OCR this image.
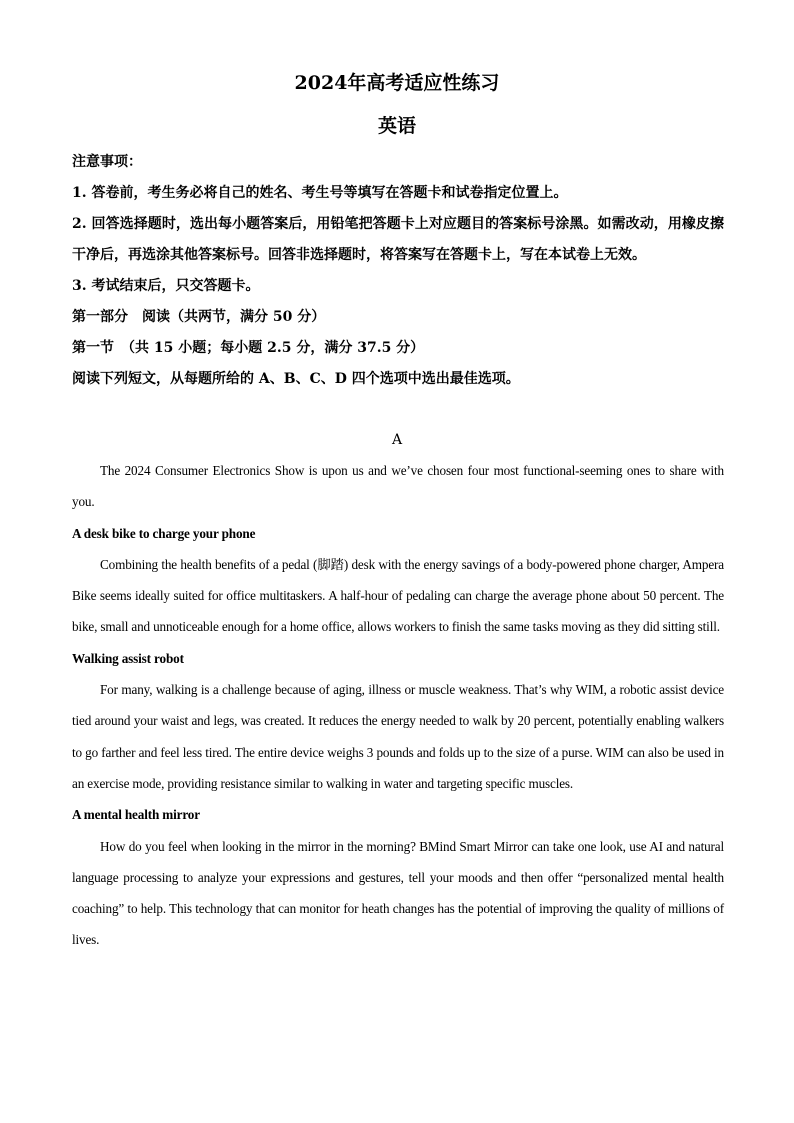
2024年高考适应性练习
英语

注意事项：

1. 答卷前，考生务必将自己的姓名、考生号等填写在答题卡和试卷指定位置上。

2. 回答选择题时，选出每小题答案后，用铅笔把答题卡上对应题目的答案标号涂黑。如需改动，用橡皮擦干净后，再选涂其他答案标号。回答非选择题时，将答案写在答题卡上，写在本试卷上无效。

3. 考试结束后，只交答题卡。

第一部分　阅读（共两节，满分 50 分）

第一节　（共 15 小题；每小题 2.5 分，满分 37.5 分）

阅读下列短文，从每题所给的 A、B、C、D 四个选项中选出最佳选项。

A

The 2024 Consumer Electronics Show is upon us and we’ve chosen four most functional-seeming ones to share with you.

A desk bike to charge your phone

Combining the health benefits of a pedal (脚踏) desk with the energy savings of a body-powered phone charger, Ampera Bike seems ideally suited for office multitaskers. A half-hour of pedaling can charge the average phone about 50 percent. The bike, small and unnoticeable enough for a home office, allows workers to finish the same tasks moving as they did sitting still.

Walking assist robot

For many, walking is a challenge because of aging, illness or muscle weakness. That’s why WIM, a robotic assist device tied around your waist and legs, was created. It reduces the energy needed to walk by 20 percent, potentially enabling walkers to go farther and feel less tired. The entire device weighs 3 pounds and folds up to the size of a purse. WIM can also be used in an exercise mode, providing resistance similar to walking in water and targeting specific muscles.

A mental health mirror

How do you feel when looking in the mirror in the morning? BMind Smart Mirror can take one look, use AI and natural language processing to analyze your expressions and gestures, tell your moods and then offer “personalized mental health coaching” to help. This technology that can monitor for heath changes has the potential of improving the quality of millions of lives.
